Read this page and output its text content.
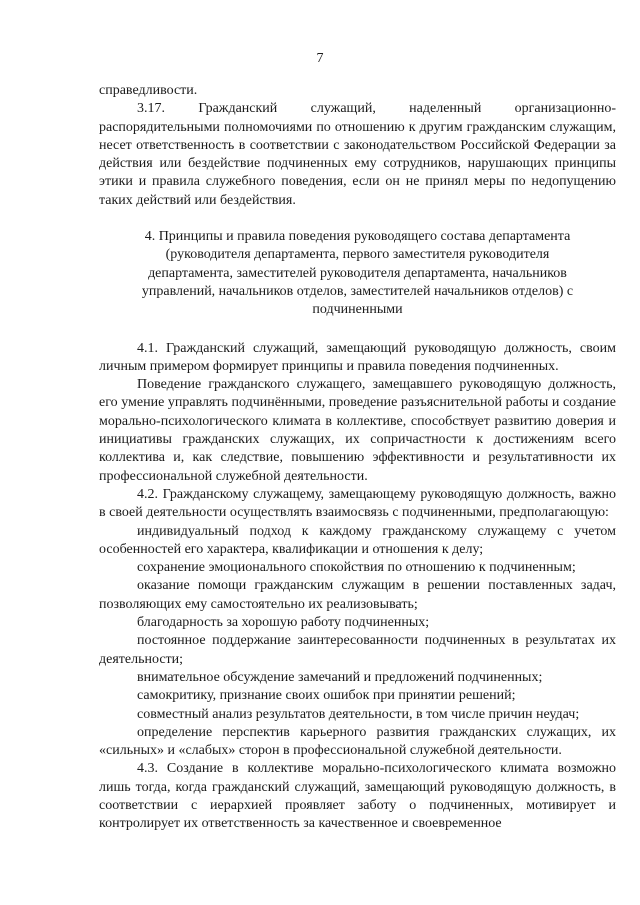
7

справедливости.

3.17. Гражданский служащий, наделенный организационно-распорядительными полномочиями по отношению к другим гражданским служащим, несет ответственность в соответствии с законодательством Российской Федерации за действия или бездействие подчиненных ему сотрудников, нарушающих принципы этики и правила служебного поведения, если он не принял меры по недопущению таких действий или бездействия.

4. Принципы и правила поведения руководящего состава департамента (руководителя департамента, первого заместителя руководителя департамента, заместителей руководителя департамента, начальников управлений, начальников отделов, заместителей начальников отделов) с подчиненными

4.1. Гражданский служащий, замещающий руководящую должность, своим личным примером формирует принципы и правила поведения подчиненных.

Поведение гражданского служащего, замещавшего руководящую должность, его умение управлять подчинёнными, проведение разъяснительной работы и создание морально-психологического климата в коллективе, способствует развитию доверия и инициативы гражданских служащих, их сопричастности к достижениям всего коллектива и, как следствие, повышению эффективности и результативности их профессиональной служебной деятельности.

4.2. Гражданскому служащему, замещающему руководящую должность, важно в своей деятельности осуществлять взаимосвязь с подчиненными, предполагающую:

индивидуальный подход к каждому гражданскому служащему с учетом особенностей его характера, квалификации и отношения к делу;

сохранение эмоционального спокойствия по отношению к подчиненным;

оказание помощи гражданским служащим в решении поставленных задач, позволяющих ему самостоятельно их реализовывать;

благодарность за хорошую работу подчиненных;

постоянное поддержание заинтересованности подчиненных в результатах их деятельности;

внимательное обсуждение замечаний и предложений подчиненных;

самокритику, признание своих ошибок при принятии решений;

совместный анализ результатов деятельности, в том числе причин неудач;

определение перспектив карьерного развития гражданских служащих, их «сильных» и «слабых» сторон в профессиональной служебной деятельности.

4.3. Создание в коллективе морально-психологического климата возможно лишь тогда, когда гражданский служащий, замещающий руководящую должность, в соответствии с иерархией проявляет заботу о подчиненных, мотивирует и контролирует их ответственность за качественное и своевременное
